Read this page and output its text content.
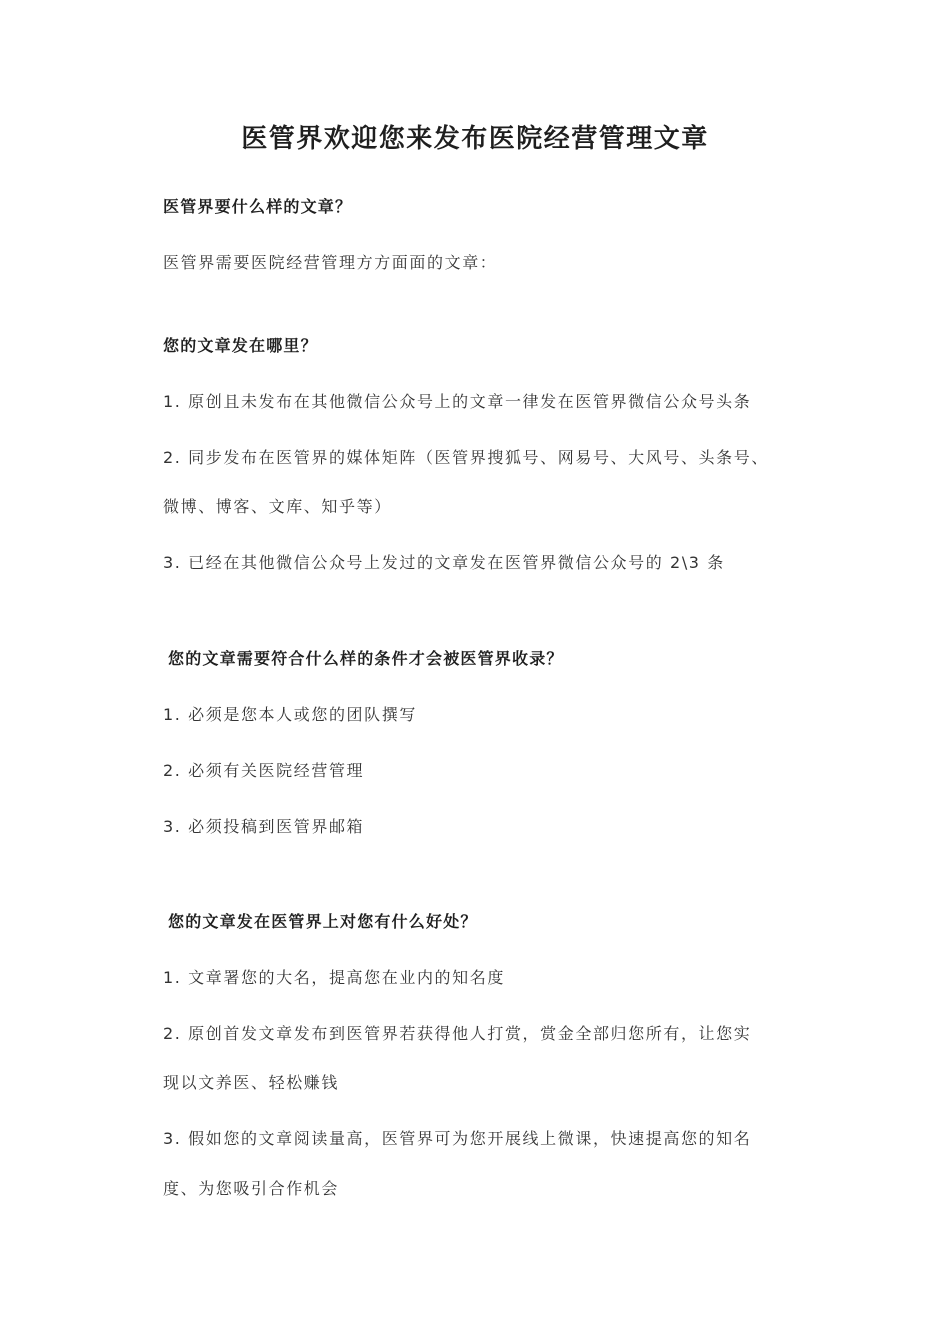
医管界欢迎您来发布医院经营管理文章
医管界要什么样的文章？
医管界需要医院经营管理方方面面的文章：
您的文章发在哪里？
1. 原创且未发布在其他微信公众号上的文章一律发在医管界微信公众号头条
2. 同步发布在医管界的媒体矩阵（医管界搜狐号、网易号、大风号、头条号、
微博、博客、文库、知乎等）
3. 已经在其他微信公众号上发过的文章发在医管界微信公众号的 2\3 条
您的文章需要符合什么样的条件才会被医管界收录？
1. 必须是您本人或您的团队撰写
2. 必须有关医院经营管理
3. 必须投稿到医管界邮箱
您的文章发在医管界上对您有什么好处？
1. 文章署您的大名，提高您在业内的知名度
2. 原创首发文章发布到医管界若获得他人打赏，赏金全部归您所有，让您实
现以文养医、轻松赚钱
3. 假如您的文章阅读量高，医管界可为您开展线上微课，快速提高您的知名
度、为您吸引合作机会
